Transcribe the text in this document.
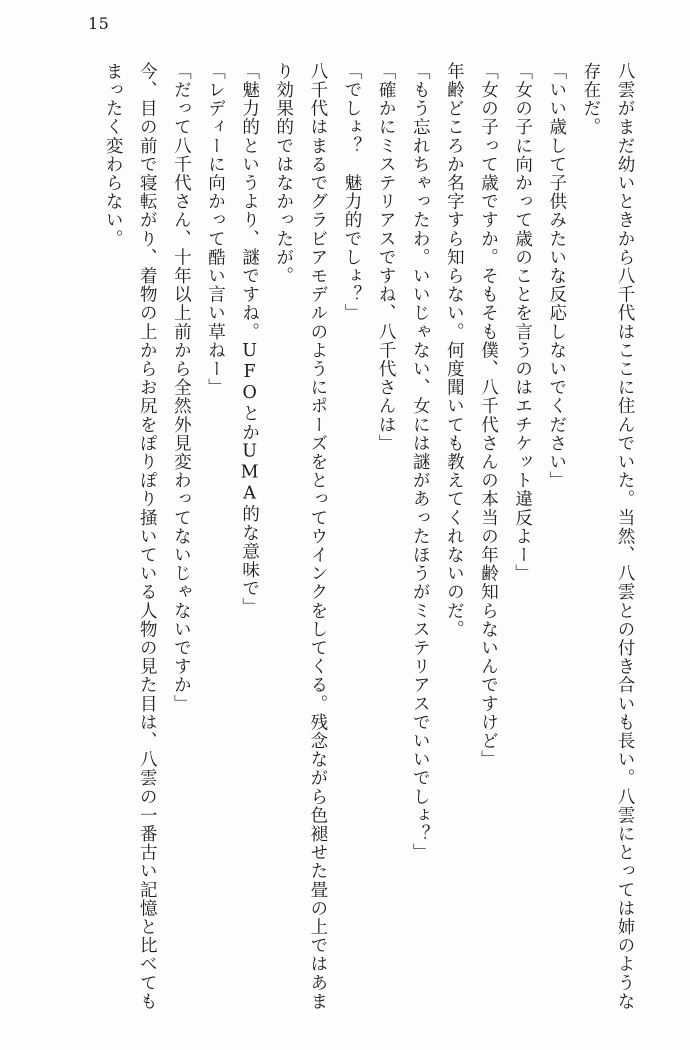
15
八雲がまだ幼いときから八千代はここに住んでいた。当然、八雲との付き合いも長い。八雲にとっては姉のような存在だ。
「いい歳して子供みたいな反応しないでください」
「女の子に向かって歳のことを言うのはエチケット違反よー」
「女の子って歳ですか。そもそも僕、八千代さんの本当の年齢知らないんですけど」
年齢どころか名字すら知らない。何度聞いても教えてくれないのだ。
「もう忘れちゃったわ。いいじゃない、女には謎があったほうがミステリアスでいいでしょ？」
「確かにミステリアスですね、八千代さんは」
「でしょ？　魅力的でしょ？」
八千代はまるでグラビアモデルのようにポーズをとってウインクをしてくる。残念ながら色褪せた畳の上ではあまり効果的ではなかったが。
「魅力的というより、謎ですね。UFOとかUMA的な意味で」
「レディーに向かって酷い言い草ねー」
「だって八千代さん、十年以上前から全然外見変わってないじゃないですか」
今、目の前で寝転がり、着物の上からお尻をぽりぽり掻いている人物の見た目は、八雲の一番古い記憶と比べてもまったく変わらない。
